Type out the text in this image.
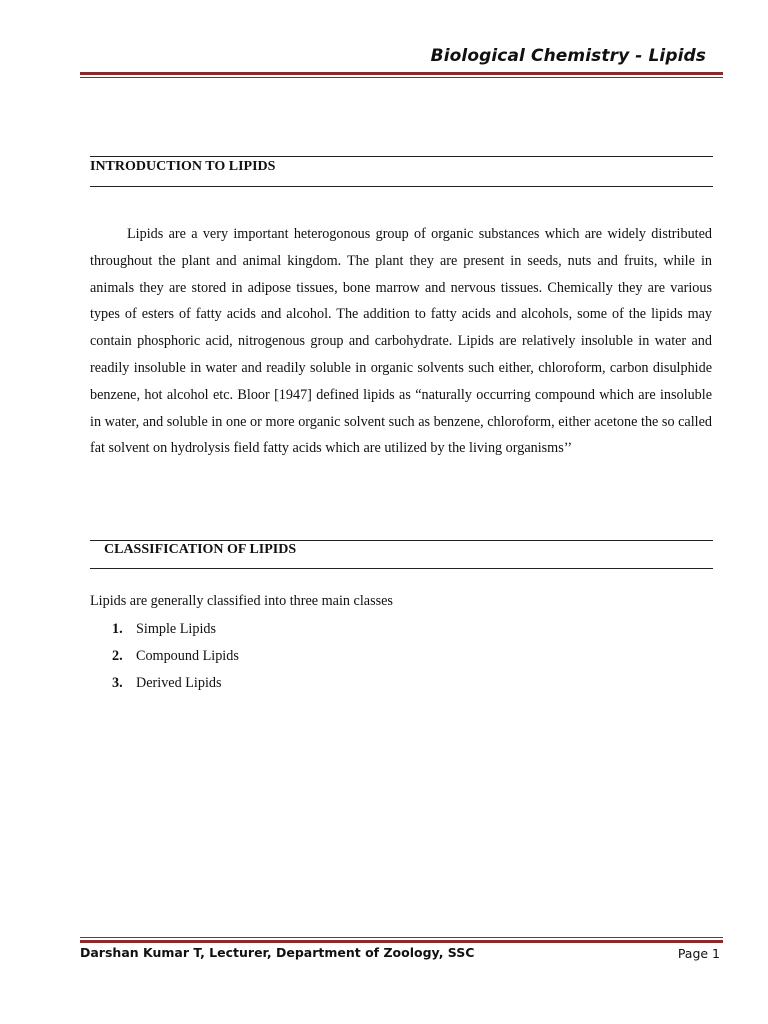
Biological Chemistry - Lipids
INTRODUCTION TO LIPIDS

Lipids are a very important heterogonous group of organic substances which are widely distributed throughout the plant and animal kingdom. The plant they are present in seeds, nuts and fruits, while in animals they are stored in adipose tissues, bone marrow and nervous tissues. Chemically they are various types of esters of fatty acids and alcohol. The addition to fatty acids and alcohols, some of the lipids may contain phosphoric acid, nitrogenous group and carbohydrate. Lipids are relatively insoluble in water and readily insoluble in water and readily soluble in organic solvents such either, chloroform, carbon disulphide benzene, hot alcohol etc. Bloor [1947] defined lipids as “naturally occurring compound which are insoluble in water, and soluble in one or more organic solvent such as benzene, chloroform, either acetone the so called fat solvent on hydrolysis field fatty acids which are utilized by the living organisms’’

CLASSIFICATION OF LIPIDS
Lipids are generally classified into three main classes
1. Simple Lipids
2. Compound Lipids
3. Derived Lipids
Darshan Kumar T, Lecturer, Department of Zoology, SSC	Page 1
